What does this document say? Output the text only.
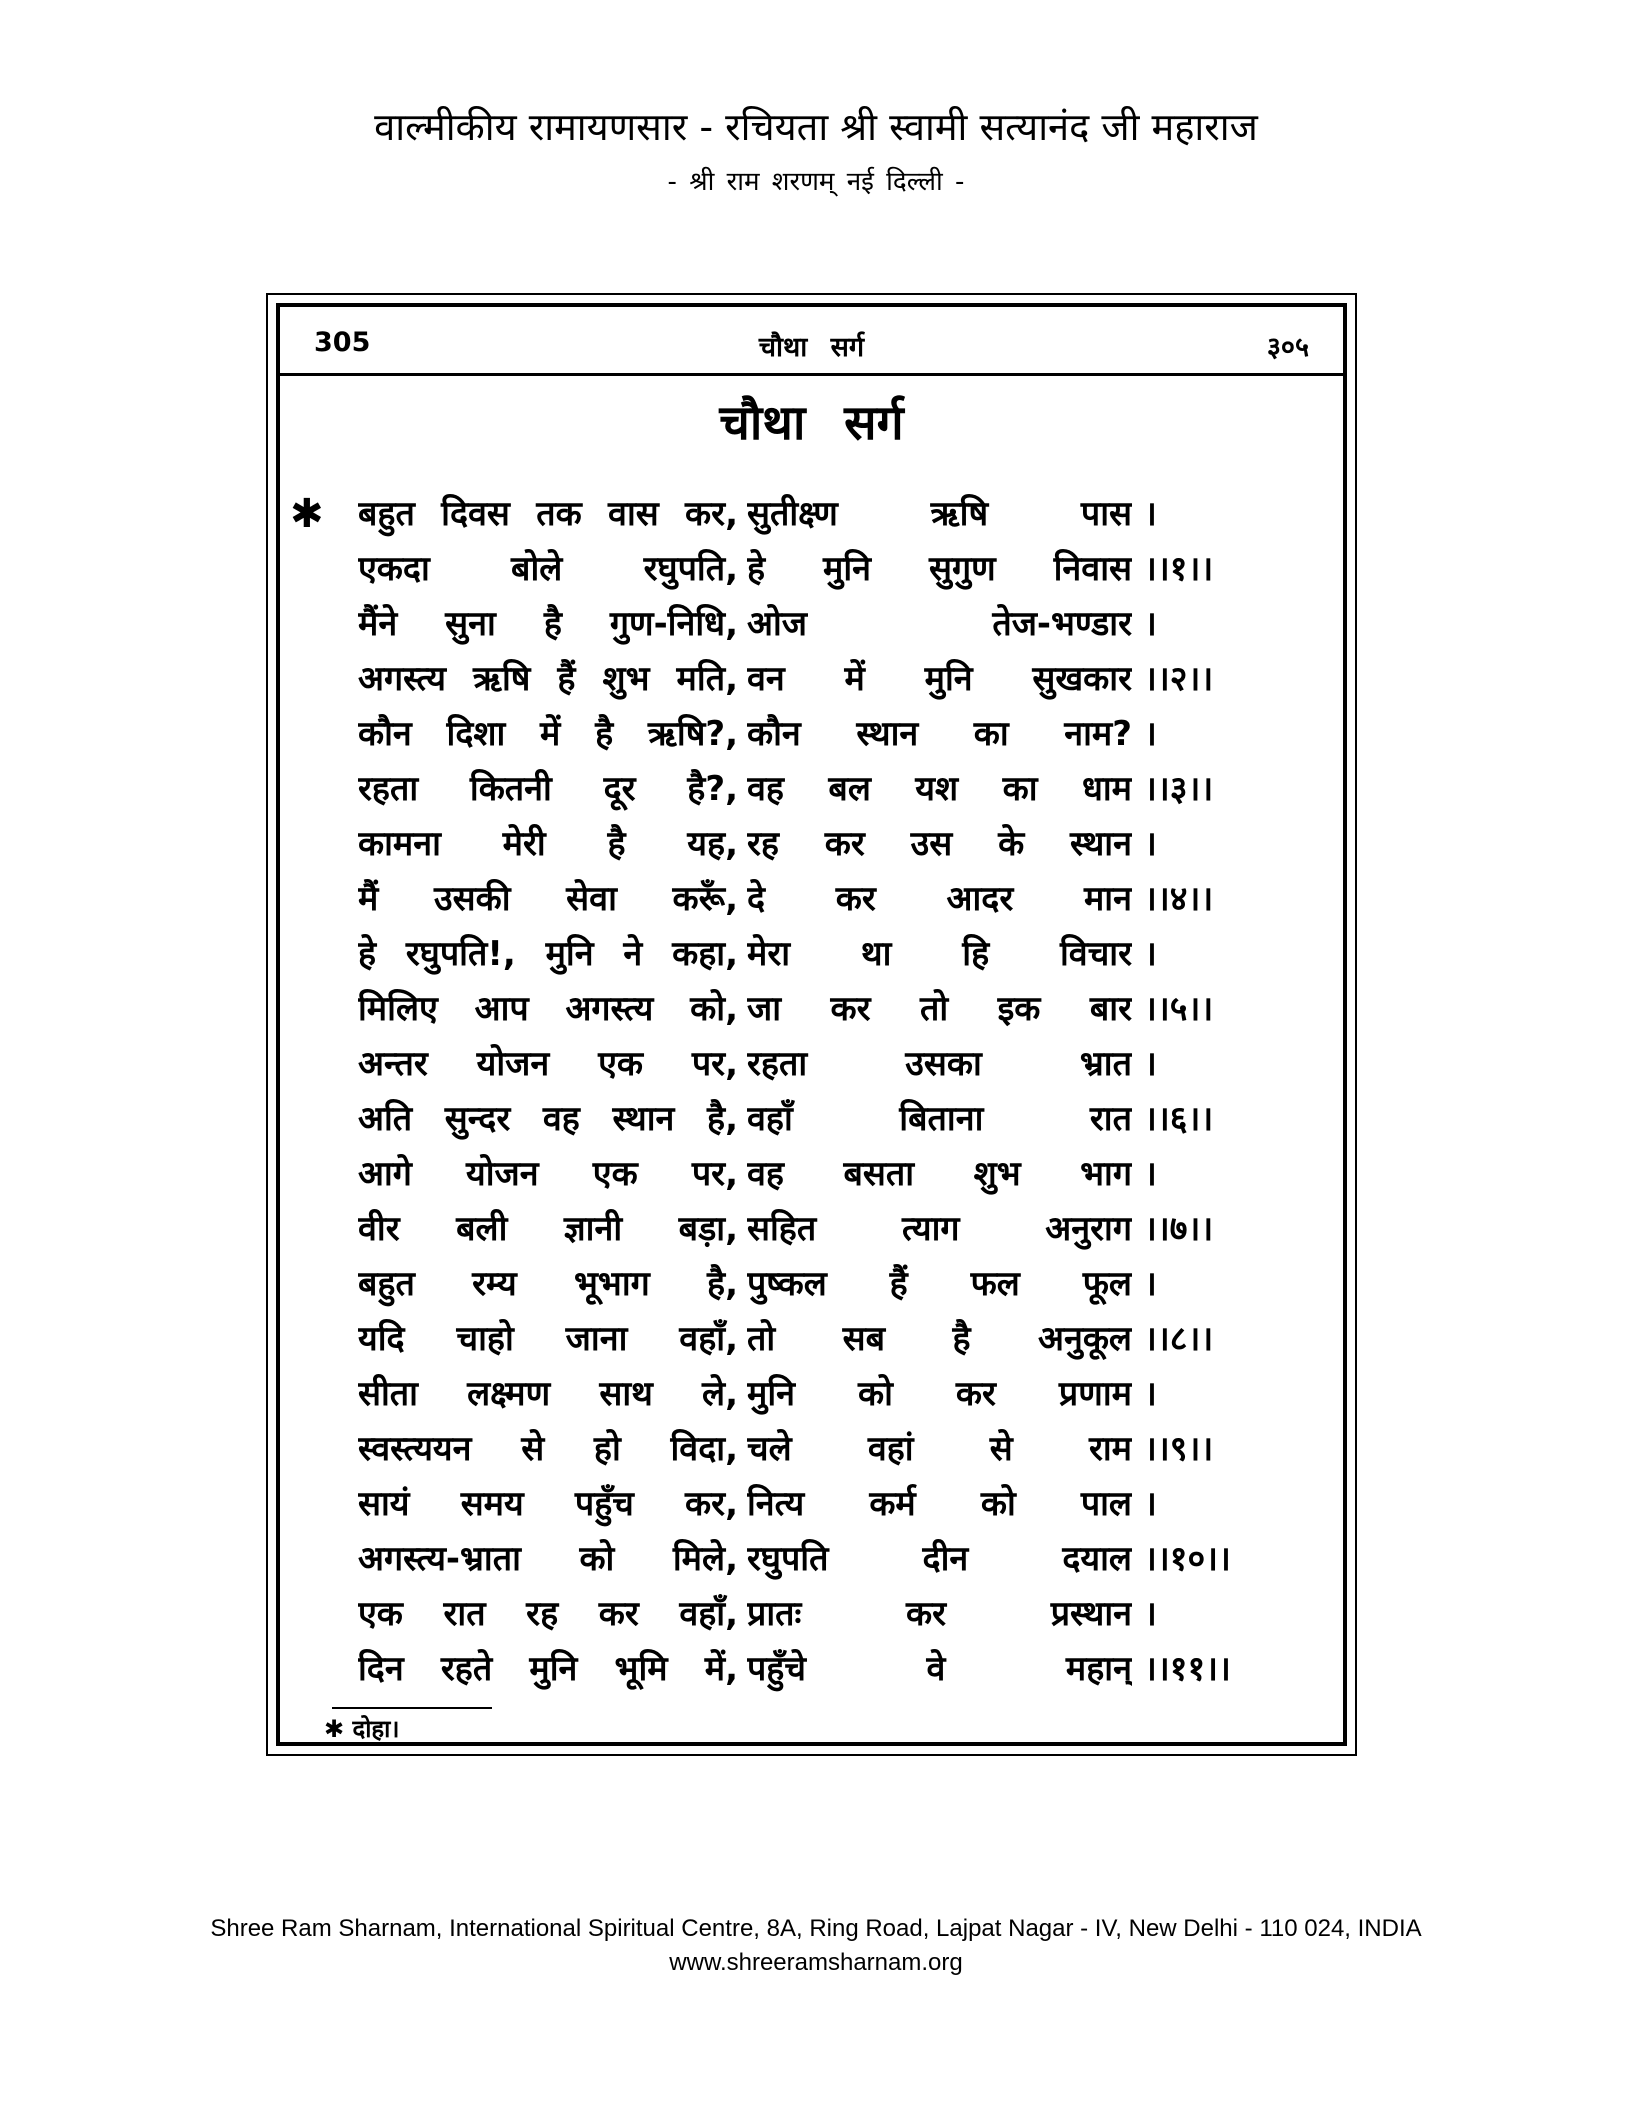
वाल्मीकीय रामायणसार - रचियता श्री स्वामी सत्यानंद जी महाराज
- श्री राम शरणम् नई दिल्ली -
305	चौथा सर्ग	३०५
चौथा सर्ग
✱ बहुत दिवस तक वास कर, सुतीक्ष्ण ऋषि पास ।
एकदा बोले रघुपति, हे मुनि सुगुण निवास ।।१।।
मैंने सुना है गुण-निधि, ओज तेज-भण्डार ।
अगस्त्य ऋषि हैं शुभ मति, वन में मुनि सुखकार ।।२।।
कौन दिशा में है ऋषि?, कौन स्थान का नाम? ।
रहता कितनी दूर है?, वह बल यश का धाम ।।३।।
कामना मेरी है यह, रह कर उस के स्थान ।
मैं उसकी सेवा करूँ, दे कर आदर मान ।।४।।
हे रघुपति!, मुनि ने कहा, मेरा था हि विचार ।
मिलिए आप अगस्त्य को, जा कर तो इक बार ।।५।।
अन्तर योजन एक पर, रहता उसका भ्रात ।
अति सुन्दर वह स्थान है, वहाँ बिताना रात ।।६।।
आगे योजन एक पर, वह बसता शुभ भाग ।
वीर बली ज्ञानी बड़ा, सहित त्याग अनुराग ।।७।।
बहुत रम्य भूभाग है, पुष्कल हैं फल फूल ।
यदि चाहो जाना वहाँ, तो सब है अनुकूल ।।८।।
सीता लक्ष्मण साथ ले, मुनि को कर प्रणाम ।
स्वस्त्ययन से हो विदा, चले वहां से राम ।।९।।
सायं समय पहुँच कर, नित्य कर्म को पाल ।
अगस्त्य-भ्राता को मिले, रघुपति दीन दयाल ।।१०।।
एक रात रह कर वहाँ, प्रातः कर प्रस्थान ।
दिन रहते मुनि भूमि में, पहुँचे वे महान् ।।११।।
✱ दोहा।
Shree Ram Sharnam, International Spiritual Centre, 8A, Ring Road, Lajpat Nagar - IV, New Delhi - 110 024, INDIA
www.shreeramsharnam.org
